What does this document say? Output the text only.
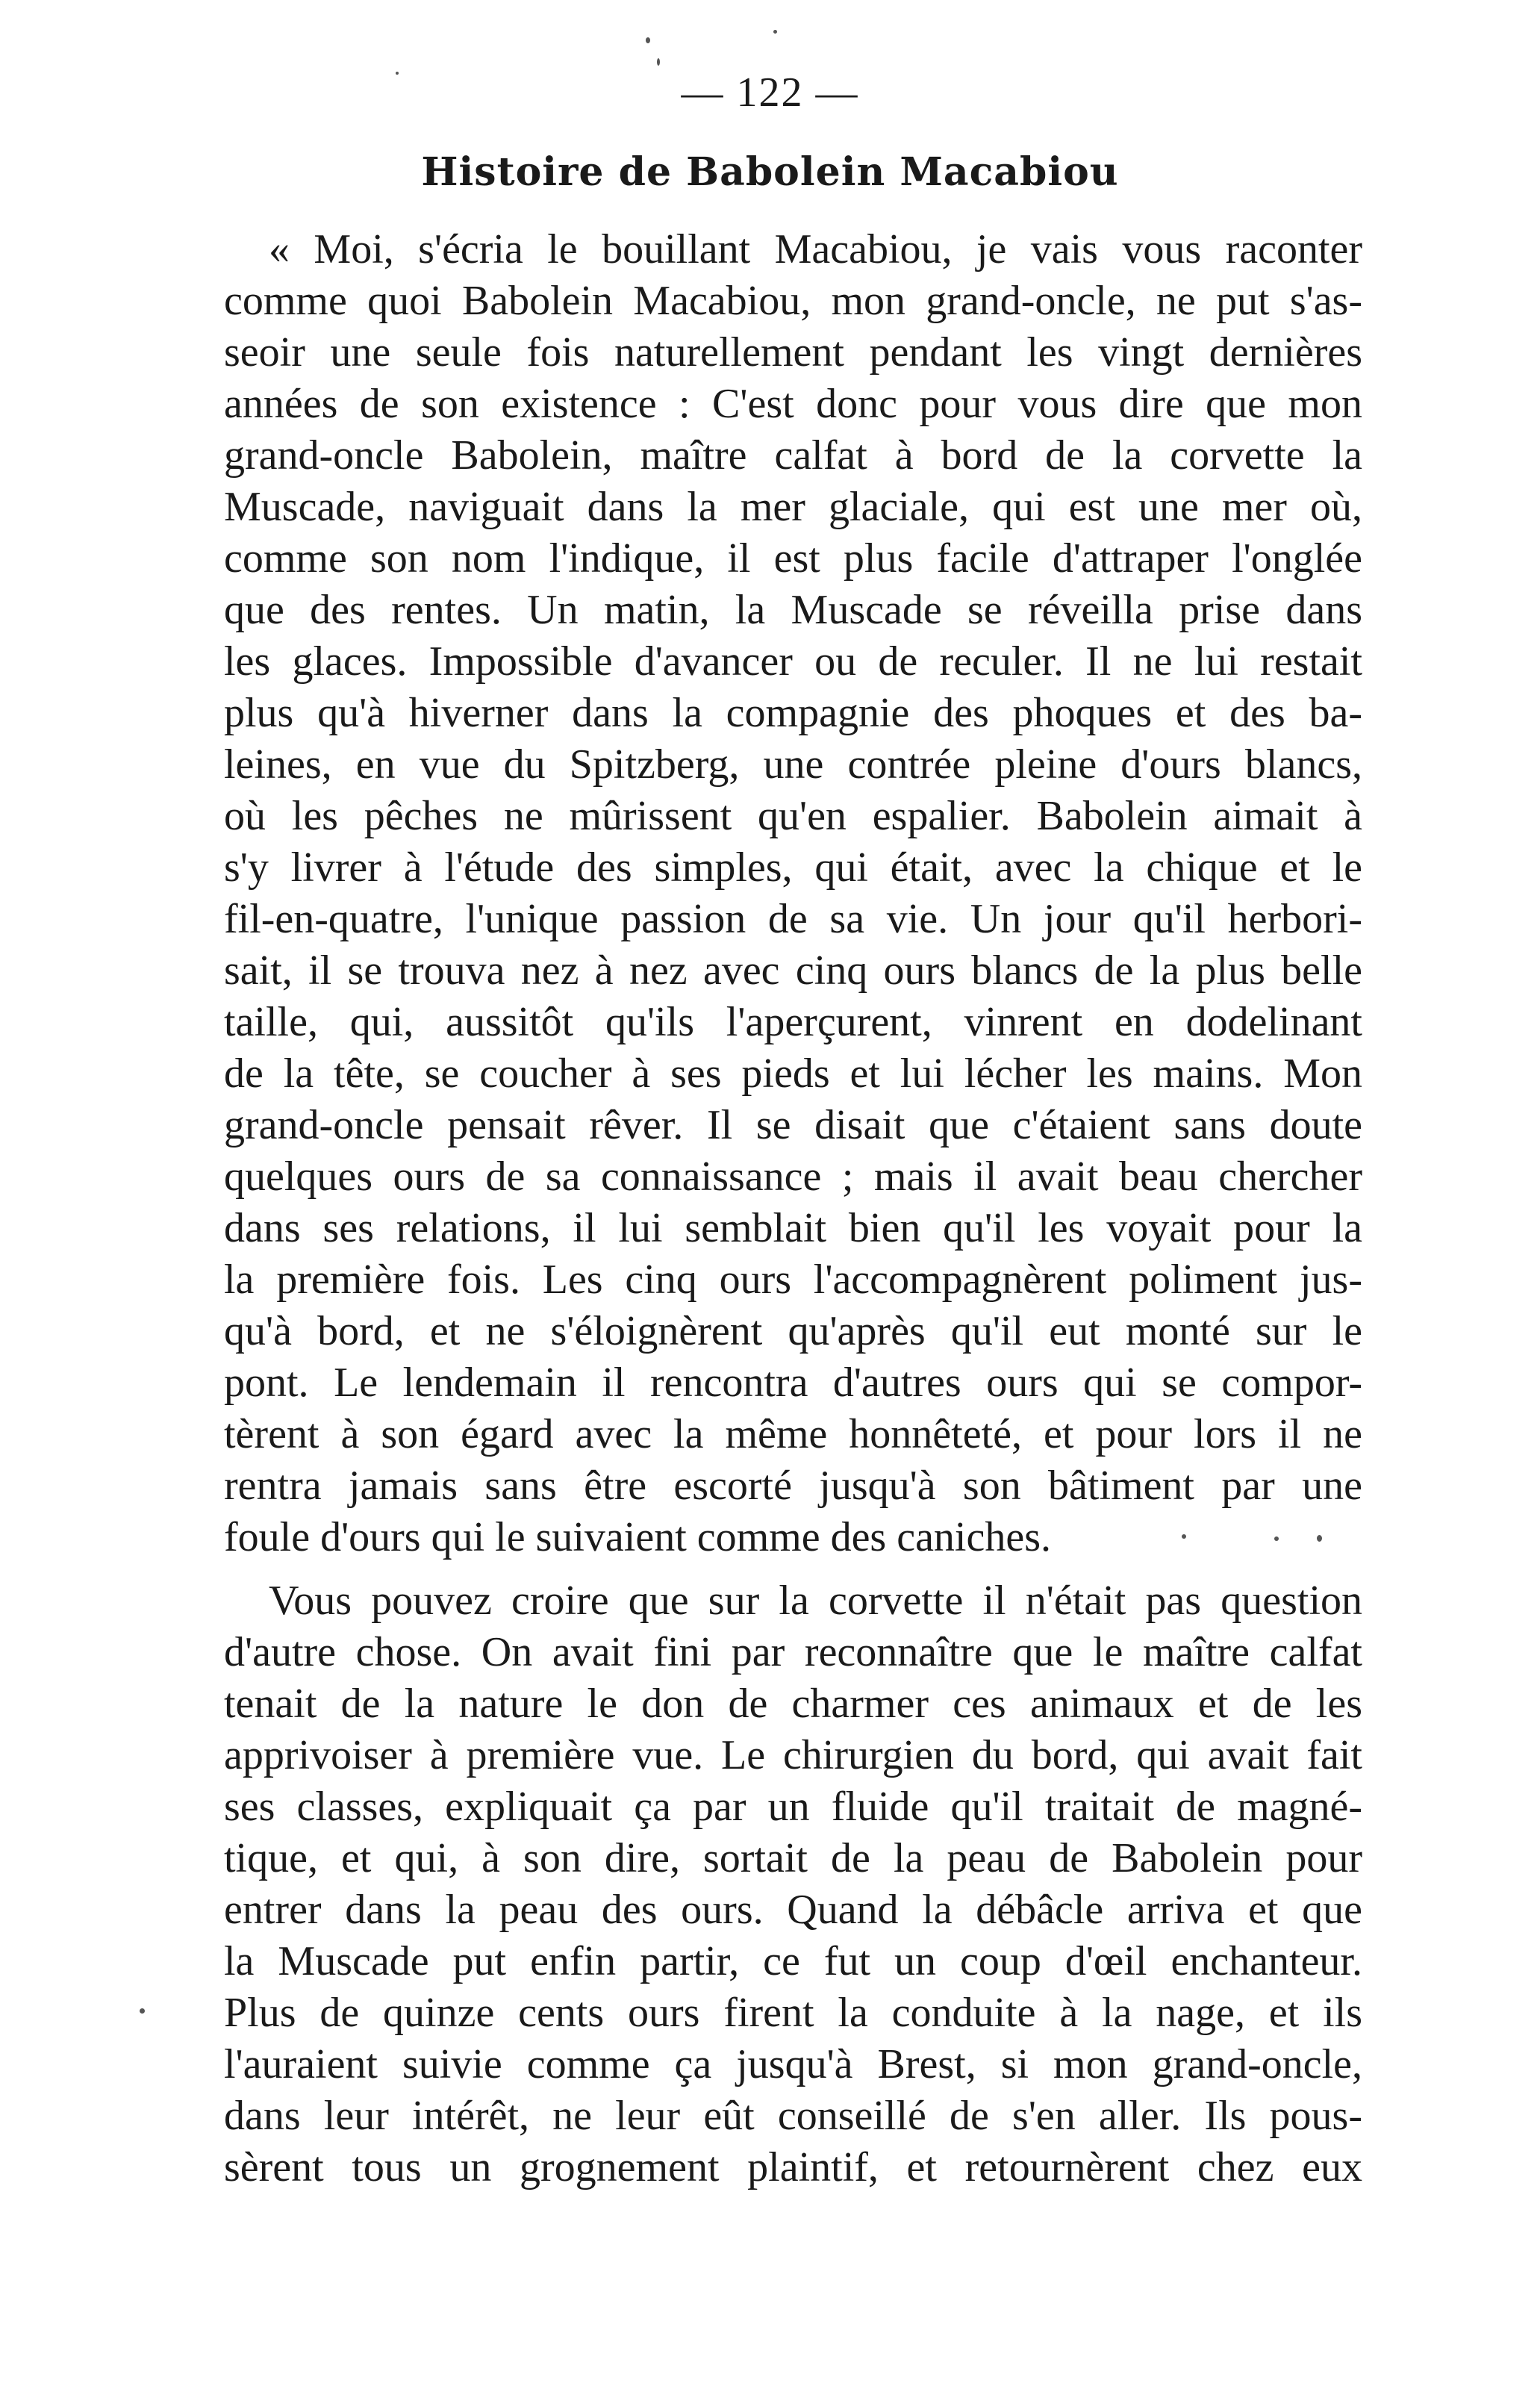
— 122 —
Histoire de Babolein Macabiou
« Moi, s'écria le bouillant Macabiou, je vais vous raconter
comme quoi Babolein Macabiou, mon grand-oncle, ne put s'as-
seoir une seule fois naturellement pendant les vingt dernières
années de son existence : C'est donc pour vous dire que mon
grand-oncle Babolein, maître calfat à bord de la corvette la
Muscade, naviguait dans la mer glaciale, qui est une mer où,
comme son nom l'indique, il est plus facile d'attraper l'onglée
que des rentes. Un matin, la Muscade se réveilla prise dans
les glaces. Impossible d'avancer ou de reculer. Il ne lui restait
plus qu'à hiverner dans la compagnie des phoques et des ba-
leines, en vue du Spitzberg, une contrée pleine d'ours blancs,
où les pêches ne mûrissent qu'en espalier. Babolein aimait à
s'y livrer à l'étude des simples, qui était, avec la chique et le
fil-en-quatre, l'unique passion de sa vie. Un jour qu'il herbori-
sait, il se trouva nez à nez avec cinq ours blancs de la plus belle
taille, qui, aussitôt qu'ils l'aperçurent, vinrent en dodelinant
de la tête, se coucher à ses pieds et lui lécher les mains. Mon
grand-oncle pensait rêver. Il se disait que c'étaient sans doute
quelques ours de sa connaissance ; mais il avait beau chercher
dans ses relations, il lui semblait bien qu'il les voyait pour la
la première fois. Les cinq ours l'accompagnèrent poliment jus-
qu'à bord, et ne s'éloignèrent qu'après qu'il eut monté sur le
pont. Le lendemain il rencontra d'autres ours qui se compor-
tèrent à son égard avec la même honnêteté, et pour lors il ne
rentra jamais sans être escorté jusqu'à son bâtiment par une
foule d'ours qui le suivaient comme des caniches.
Vous pouvez croire que sur la corvette il n'était pas question
d'autre chose. On avait fini par reconnaître que le maître calfat
tenait de la nature le don de charmer ces animaux et de les
apprivoiser à première vue. Le chirurgien du bord, qui avait fait
ses classes, expliquait ça par un fluide qu'il traitait de magné-
tique, et qui, à son dire, sortait de la peau de Babolein pour
entrer dans la peau des ours. Quand la débâcle arriva et que
la Muscade put enfin partir, ce fut un coup d'œil enchanteur.
Plus de quinze cents ours firent la conduite à la nage, et ils
l'auraient suivie comme ça jusqu'à Brest, si mon grand-oncle,
dans leur intérêt, ne leur eût conseillé de s'en aller. Ils pous-
sèrent tous un grognement plaintif, et retournèrent chez eux
